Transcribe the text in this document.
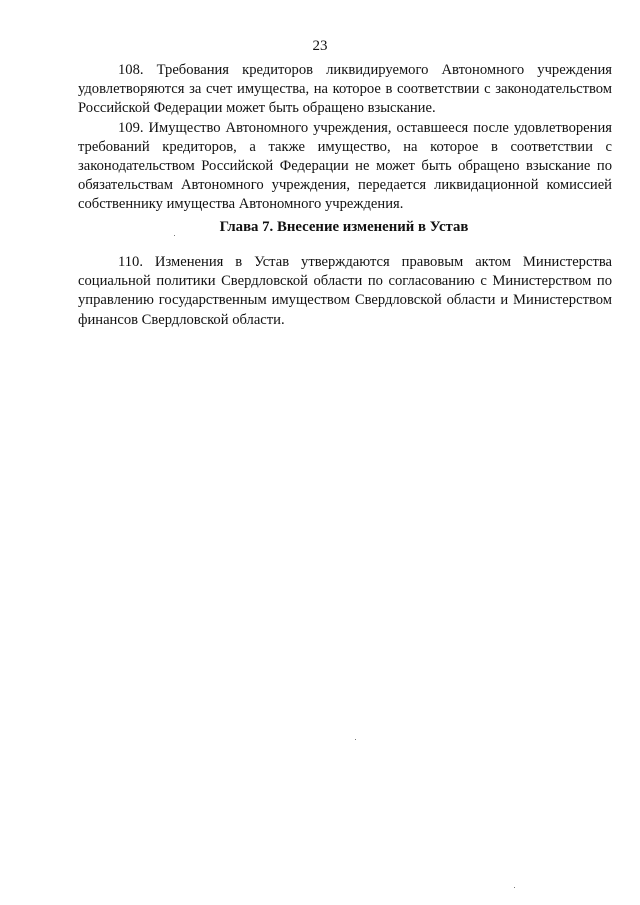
23

108. Требования кредиторов ликвидируемого Автономного учреждения удовлетворяются за счет имущества, на которое в соответствии с законодательством Российской Федерации может быть обращено взыскание.

109. Имущество Автономного учреждения, оставшееся после удовлетворения требований кредиторов, а также имущество, на которое в соответствии с законодательством Российской Федерации не может быть обращено взыскание по обязательствам Автономного учреждения, передается ликвидационной комиссией собственнику имущества Автономного учреждения.

Глава 7. Внесение изменений в Устав

110. Изменения в Устав утверждаются правовым актом Министерства социальной политики Свердловской области по согласованию с Министерством по управлению государственным имуществом Свердловской области и Министерством финансов Свердловской области.
